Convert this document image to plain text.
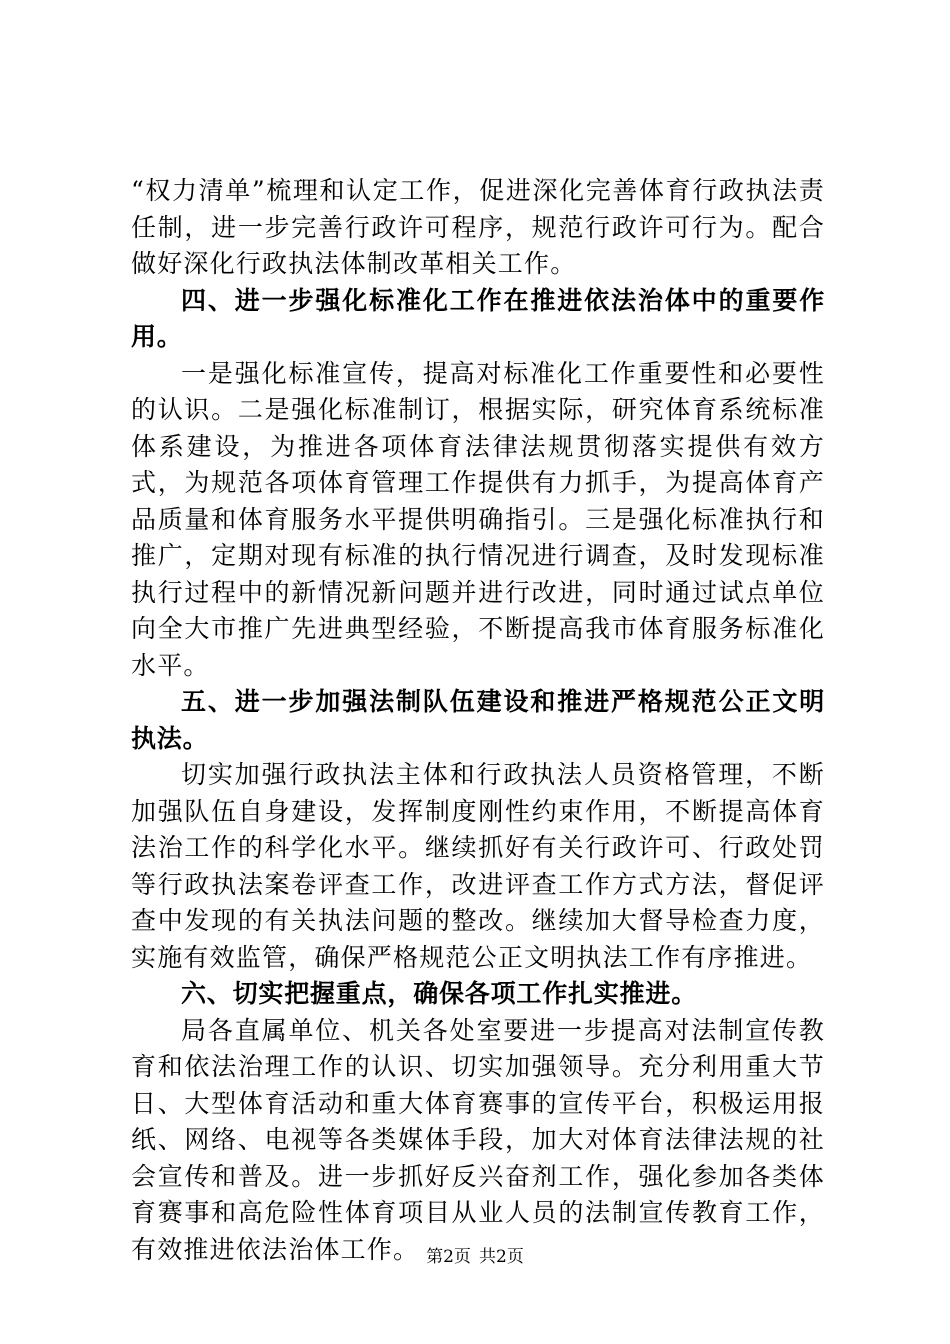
“权力清单”梳理和认定工作，促进深化完善体育行政执法责任制，进一步完善行政许可程序，规范行政许可行为。配合做好深化行政执法体制改革相关工作。

四、进一步强化标准化工作在推进依法治体中的重要作用。

一是强化标准宣传，提高对标准化工作重要性和必要性的认识。二是强化标准制订，根据实际，研究体育系统标准体系建设，为推进各项体育法律法规贯彻落实提供有效方式，为规范各项体育管理工作提供有力抓手，为提高体育产品质量和体育服务水平提供明确指引。三是强化标准执行和推广，定期对现有标准的执行情况进行调查，及时发现标准执行过程中的新情况新问题并进行改进，同时通过试点单位向全大市推广先进典型经验，不断提高我市体育服务标准化水平。

五、进一步加强法制队伍建设和推进严格规范公正文明执法。

切实加强行政执法主体和行政执法人员资格管理，不断加强队伍自身建设，发挥制度刚性约束作用，不断提高体育法治工作的科学化水平。继续抓好有关行政许可、行政处罚等行政执法案卷评查工作，改进评查工作方式方法，督促评查中发现的有关执法问题的整改。继续加大督导检查力度，实施有效监管，确保严格规范公正文明执法工作有序推进。

六、切实把握重点，确保各项工作扎实推进。

局各直属单位、机关各处室要进一步提高对法制宣传教育和依法治理工作的认识、切实加强领导。充分利用重大节日、大型体育活动和重大体育赛事的宣传平台，积极运用报纸、网络、电视等各类媒体手段，加大对体育法律法规的社会宣传和普及。进一步抓好反兴奋剂工作，强化参加各类体育赛事和高危险性体育项目从业人员的法制宣传教育工作，有效推进依法治体工作。 第2页 共2页
